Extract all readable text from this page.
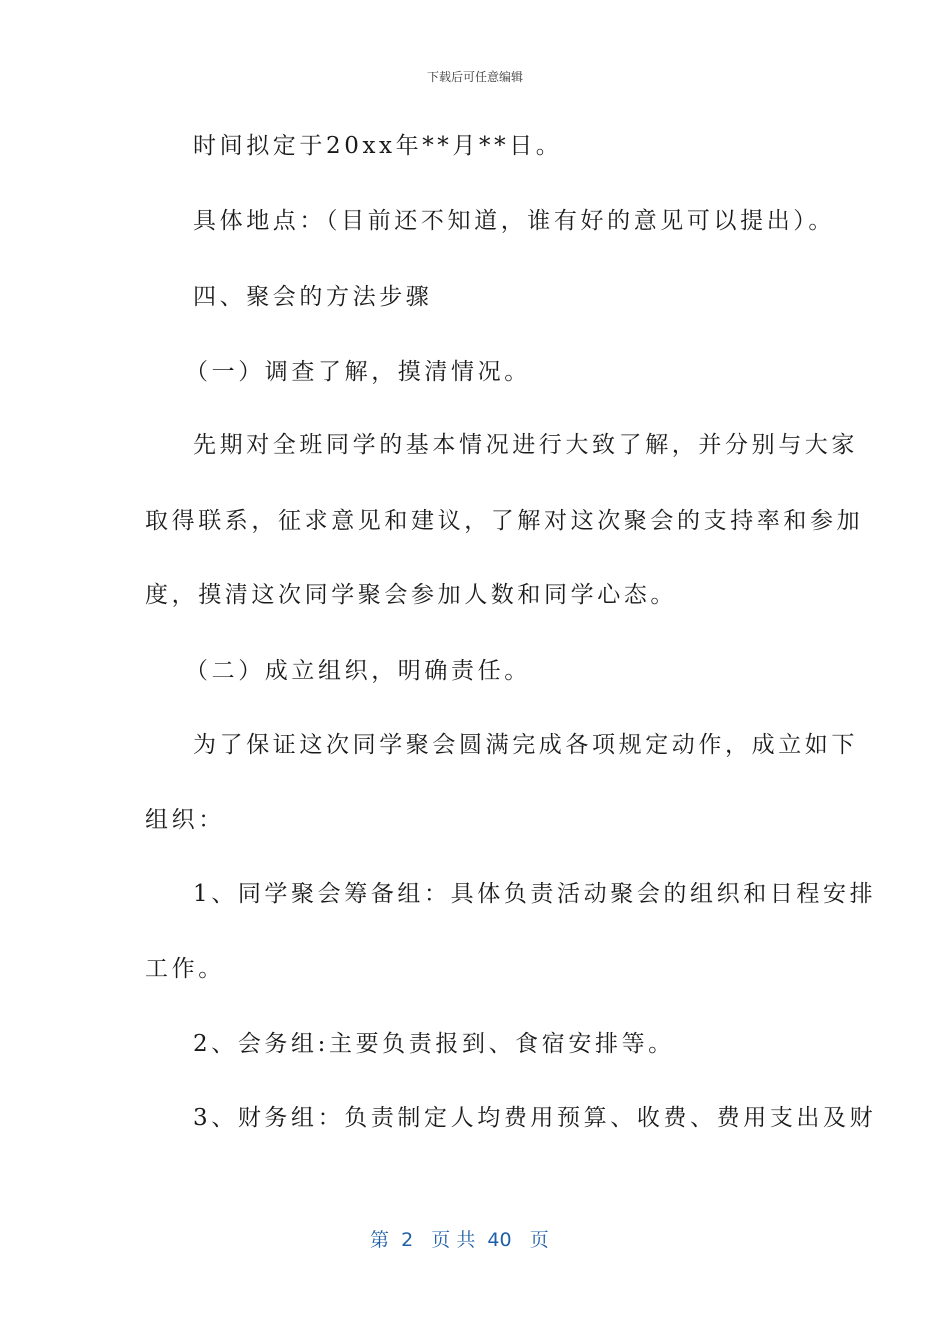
下载后可任意编辑
时间拟定于20xx年**月**日。
具体地点：（目前还不知道，谁有好的意见可以提出）。
四、聚会的方法步骤
（一）调查了解，摸清情况。
先期对全班同学的基本情况进行大致了解，并分别与大家
取得联系，征求意见和建议，了解对这次聚会的支持率和参加
度，摸清这次同学聚会参加人数和同学心态。
（二）成立组织，明确责任。
为了保证这次同学聚会圆满完成各项规定动作，成立如下
组织：
1、同学聚会筹备组：具体负责活动聚会的组织和日程安排
工作。
2、会务组:主要负责报到、食宿安排等。
3、财务组：负责制定人均费用预算、收费、费用支出及财
第  2   页 共  40   页
